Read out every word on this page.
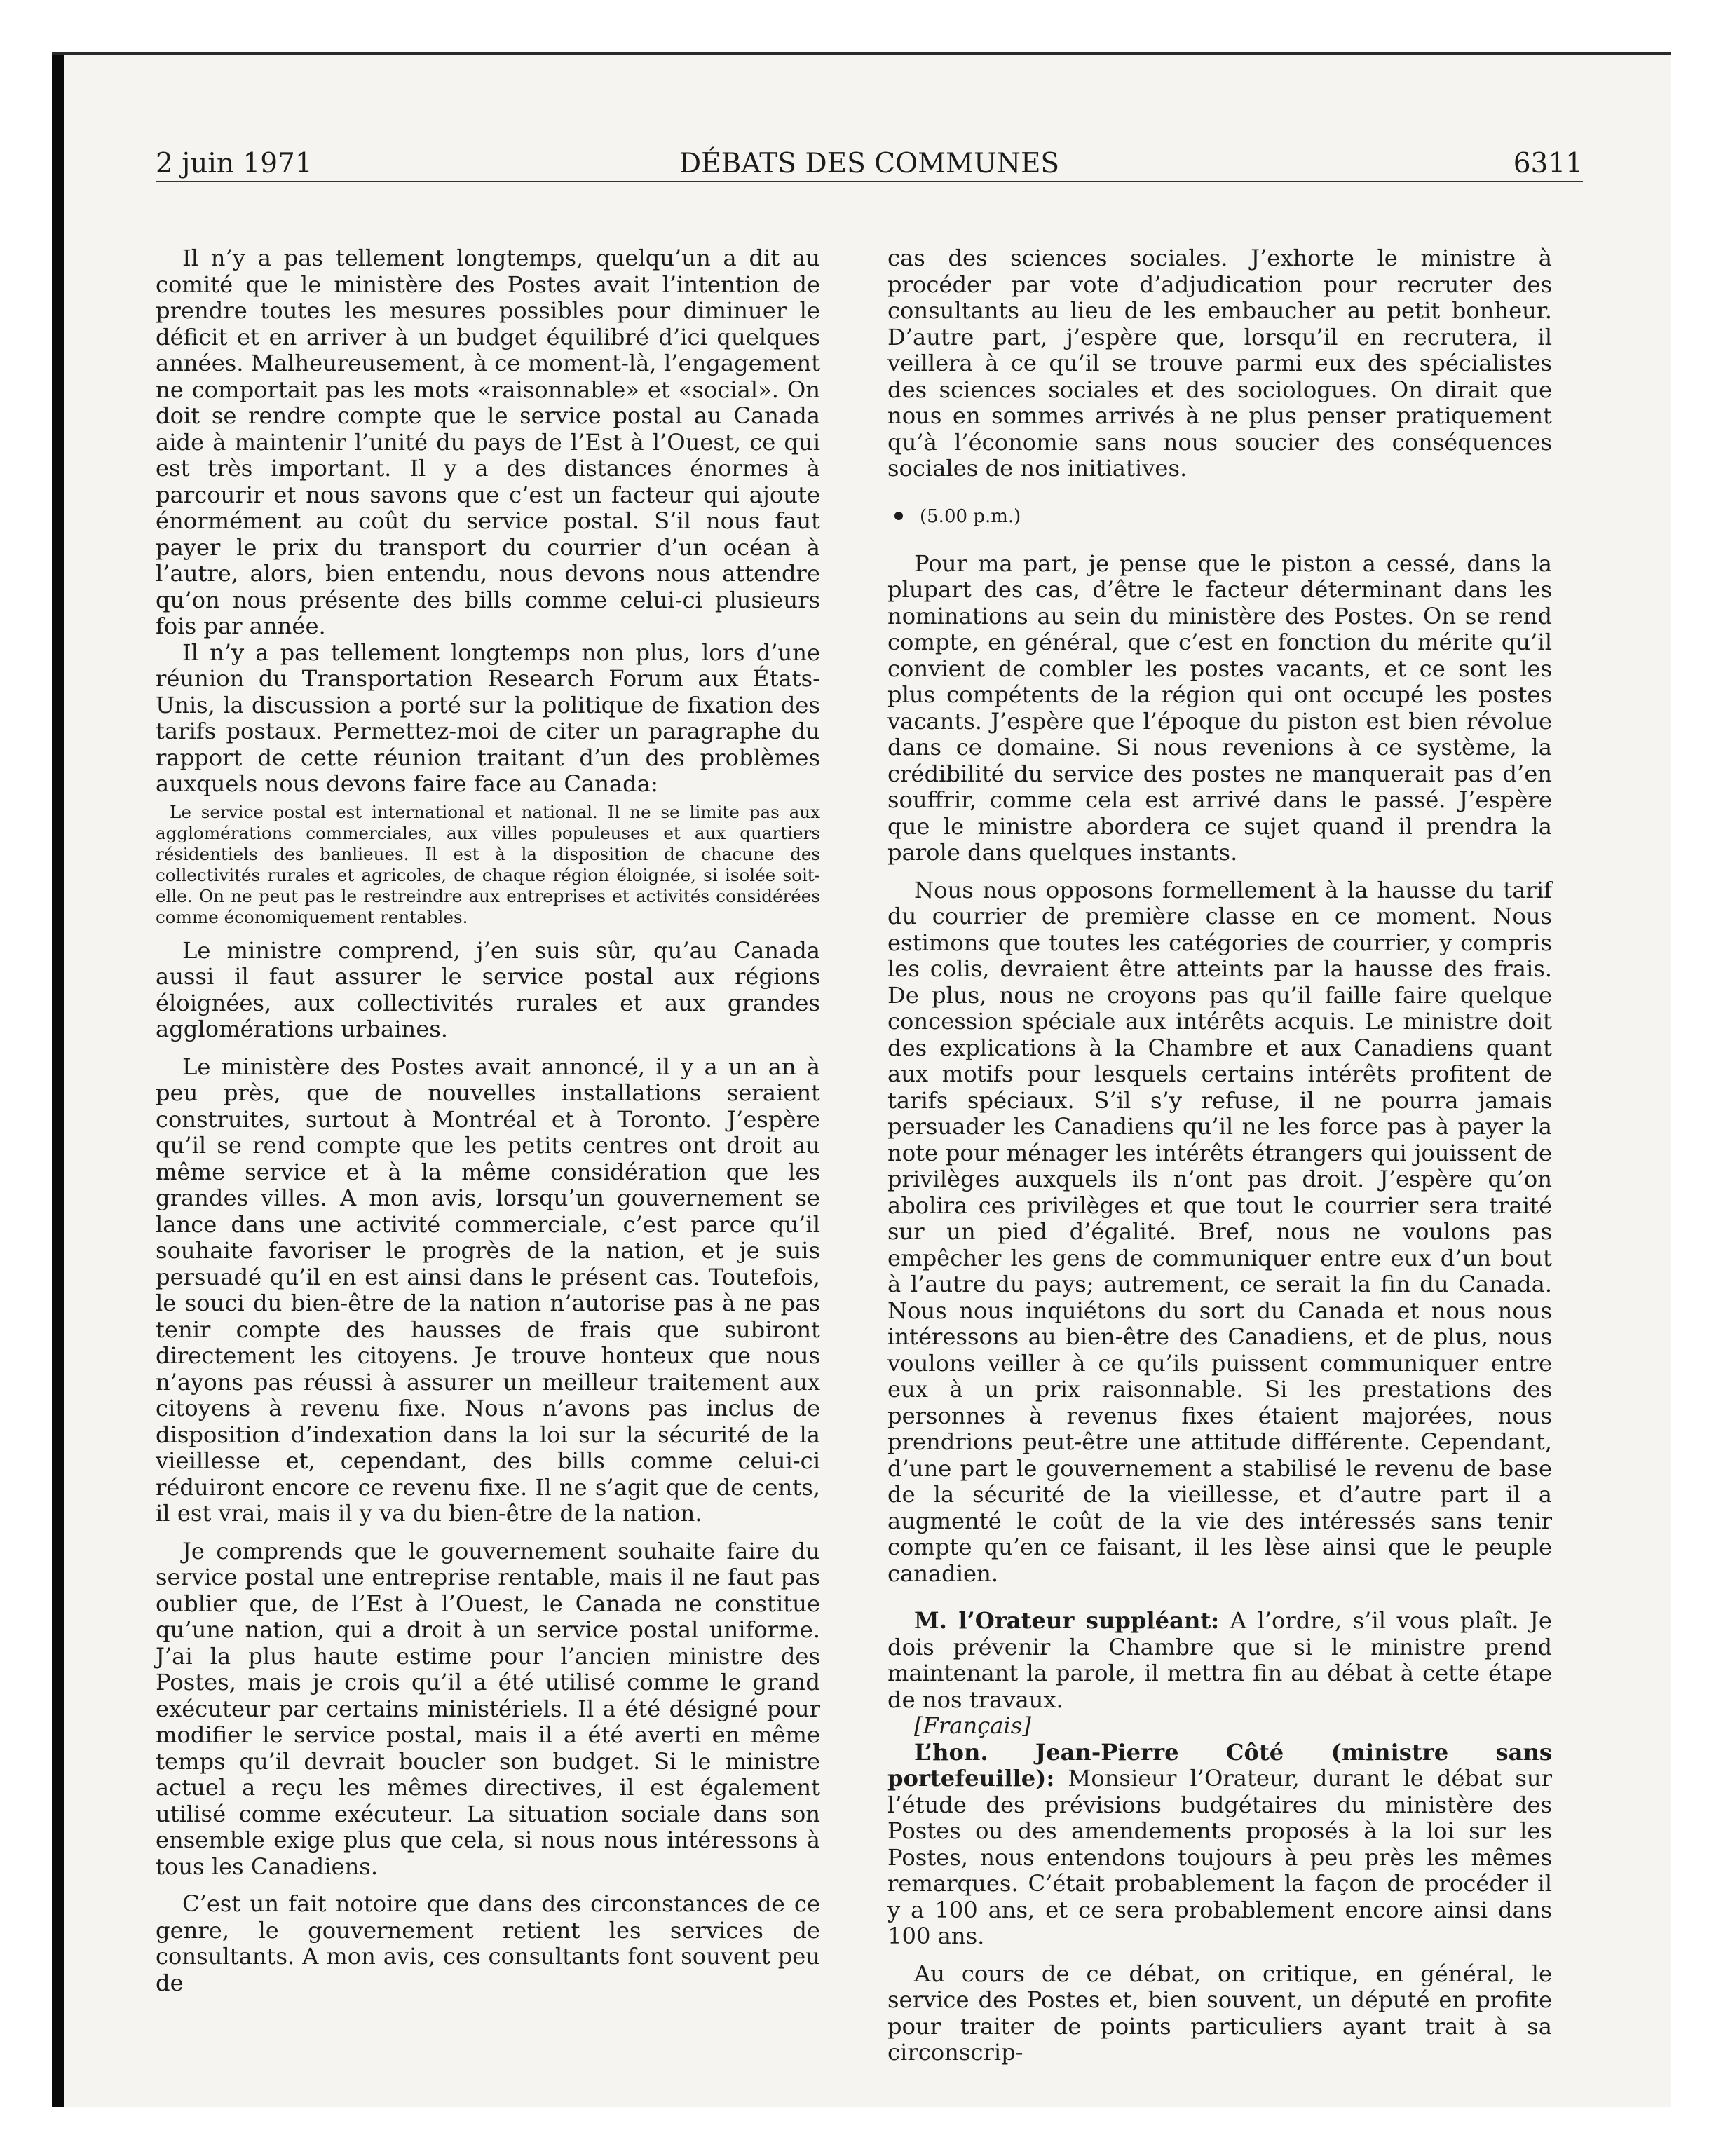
2 juin 1971	DÉBATS DES COMMUNES	6311

Il n’y a pas tellement longtemps, quelqu’un a dit au comité que le ministère des Postes avait l’intention de prendre toutes les mesures possibles pour diminuer le déficit et en arriver à un budget équilibré d’ici quelques années. Malheureusement, à ce moment-là, l’engagement ne comportait pas les mots «raisonnable» et «social». On doit se rendre compte que le service postal au Canada aide à maintenir l’unité du pays de l’Est à l’Ouest, ce qui est très important. Il y a des distances énormes à parcourir et nous savons que c’est un facteur qui ajoute énormément au coût du service postal. S’il nous faut payer le prix du transport du courrier d’un océan à l’autre, alors, bien entendu, nous devons nous attendre qu’on nous présente des bills comme celui-ci plusieurs fois par année.

Il n’y a pas tellement longtemps non plus, lors d’une réunion du Transportation Research Forum aux États-Unis, la discussion a porté sur la politique de fixation des tarifs postaux. Permettez-moi de citer un paragraphe du rapport de cette réunion traitant d’un des problèmes auxquels nous devons faire face au Canada:

Le service postal est international et national. Il ne se limite pas aux agglomérations commerciales, aux villes populeuses et aux quartiers résidentiels des banlieues. Il est à la disposition de chacune des collectivités rurales et agricoles, de chaque région éloignée, si isolée soit-elle. On ne peut pas le restreindre aux entreprises et activités considérées comme économiquement rentables.

Le ministre comprend, j’en suis sûr, qu’au Canada aussi il faut assurer le service postal aux régions éloignées, aux collectivités rurales et aux grandes agglomérations urbaines.

Le ministère des Postes avait annoncé, il y a un an à peu près, que de nouvelles installations seraient construites, surtout à Montréal et à Toronto. J’espère qu’il se rend compte que les petits centres ont droit au même service et à la même considération que les grandes villes. A mon avis, lorsqu’un gouvernement se lance dans une activité commerciale, c’est parce qu’il souhaite favoriser le progrès de la nation, et je suis persuadé qu’il en est ainsi dans le présent cas. Toutefois, le souci du bien-être de la nation n’autorise pas à ne pas tenir compte des hausses de frais que subiront directement les citoyens. Je trouve honteux que nous n’ayons pas réussi à assurer un meilleur traitement aux citoyens à revenu fixe. Nous n’avons pas inclus de disposition d’indexation dans la loi sur la sécurité de la vieillesse et, cependant, des bills comme celui-ci réduiront encore ce revenu fixe. Il ne s’agit que de cents, il est vrai, mais il y va du bien-être de la nation.

Je comprends que le gouvernement souhaite faire du service postal une entreprise rentable, mais il ne faut pas oublier que, de l’Est à l’Ouest, le Canada ne constitue qu’une nation, qui a droit à un service postal uniforme. J’ai la plus haute estime pour l’ancien ministre des Postes, mais je crois qu’il a été utilisé comme le grand exécuteur par certains ministériels. Il a été désigné pour modifier le service postal, mais il a été averti en même temps qu’il devrait boucler son budget. Si le ministre actuel a reçu les mêmes directives, il est également utilisé comme exécuteur. La situation sociale dans son ensemble exige plus que cela, si nous nous intéressons à tous les Canadiens.

C’est un fait notoire que dans des circonstances de ce genre, le gouvernement retient les services de consultants. A mon avis, ces consultants font souvent peu de

cas des sciences sociales. J’exhorte le ministre à procéder par vote d’adjudication pour recruter des consultants au lieu de les embaucher au petit bonheur. D’autre part, j’espère que, lorsqu’il en recrutera, il veillera à ce qu’il se trouve parmi eux des spécialistes des sciences sociales et des sociologues. On dirait que nous en sommes arrivés à ne plus penser pratiquement qu’à l’économie sans nous soucier des conséquences sociales de nos initiatives.

(5.00 p.m.)

Pour ma part, je pense que le piston a cessé, dans la plupart des cas, d’être le facteur déterminant dans les nominations au sein du ministère des Postes. On se rend compte, en général, que c’est en fonction du mérite qu’il convient de combler les postes vacants, et ce sont les plus compétents de la région qui ont occupé les postes vacants. J’espère que l’époque du piston est bien révolue dans ce domaine. Si nous revenions à ce système, la crédibilité du service des postes ne manquerait pas d’en souffrir, comme cela est arrivé dans le passé. J’espère que le ministre abordera ce sujet quand il prendra la parole dans quelques instants.

Nous nous opposons formellement à la hausse du tarif du courrier de première classe en ce moment. Nous estimons que toutes les catégories de courrier, y compris les colis, devraient être atteints par la hausse des frais. De plus, nous ne croyons pas qu’il faille faire quelque concession spéciale aux intérêts acquis. Le ministre doit des explications à la Chambre et aux Canadiens quant aux motifs pour lesquels certains intérêts profitent de tarifs spéciaux. S’il s’y refuse, il ne pourra jamais persuader les Canadiens qu’il ne les force pas à payer la note pour ménager les intérêts étrangers qui jouissent de privilèges auxquels ils n’ont pas droit. J’espère qu’on abolira ces privilèges et que tout le courrier sera traité sur un pied d’égalité. Bref, nous ne voulons pas empêcher les gens de communiquer entre eux d’un bout à l’autre du pays; autrement, ce serait la fin du Canada. Nous nous inquiétons du sort du Canada et nous nous intéressons au bien-être des Canadiens, et de plus, nous voulons veiller à ce qu’ils puissent communiquer entre eux à un prix raisonnable. Si les prestations des personnes à revenus fixes étaient majorées, nous prendrions peut-être une attitude différente. Cependant, d’une part le gouvernement a stabilisé le revenu de base de la sécurité de la vieillesse, et d’autre part il a augmenté le coût de la vie des intéressés sans tenir compte qu’en ce faisant, il les lèse ainsi que le peuple canadien.

M. l’Orateur suppléant: A l’ordre, s’il vous plaît. Je dois prévenir la Chambre que si le ministre prend maintenant la parole, il mettra fin au débat à cette étape de nos travaux.

[Français]

L’hon. Jean-Pierre Côté (ministre sans portefeuille): Monsieur l’Orateur, durant le débat sur l’étude des prévisions budgétaires du ministère des Postes ou des amendements proposés à la loi sur les Postes, nous entendons toujours à peu près les mêmes remarques. C’était probablement la façon de procéder il y a 100 ans, et ce sera probablement encore ainsi dans 100 ans.

Au cours de ce débat, on critique, en général, le service des Postes et, bien souvent, un député en profite pour traiter de points particuliers ayant trait à sa circonscrip-
